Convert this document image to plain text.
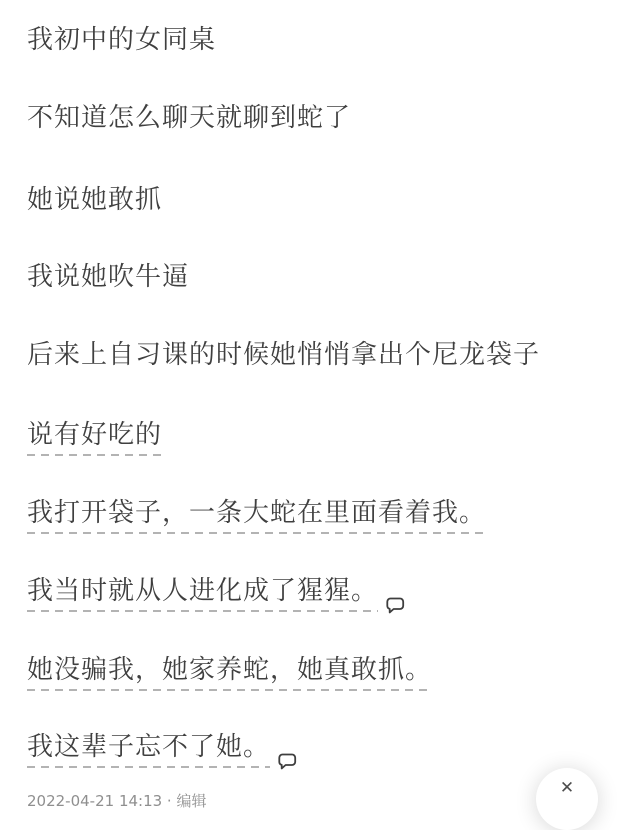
我初中的女同桌
不知道怎么聊天就聊到蛇了
她说她敢抓
我说她吹牛逼
后来上自习课的时候她悄悄拿出个尼龙袋子
说有好吃的
我打开袋子，一条大蛇在里面看着我。
我当时就从人进化成了猩猩。
她没骗我，她家养蛇，她真敢抓。
我这辈子忘不了她。
2022-04-21 14:13 · 编辑
✕
